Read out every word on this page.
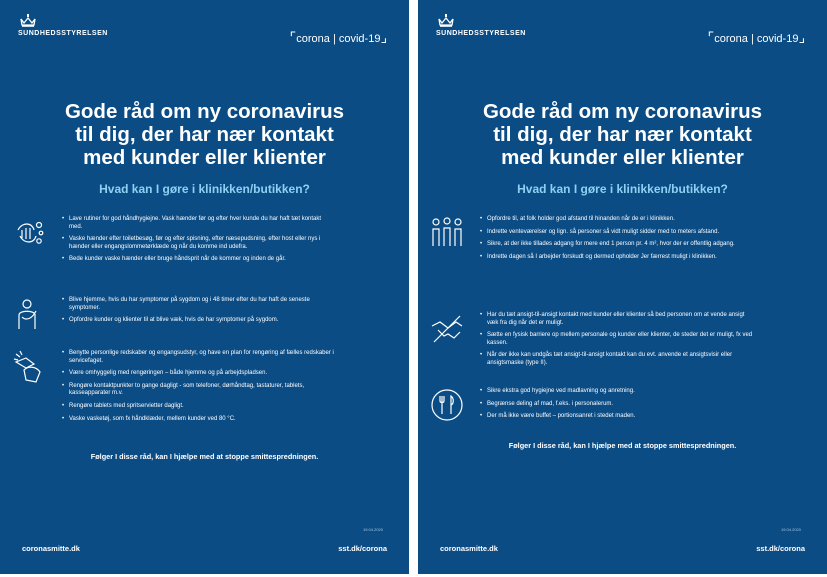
SUNDHEDSSTYRELSEN	⌜corona | covid-19⌟
Gode råd om ny coronavirus
til dig, der har nær kontakt
med kunder eller klienter
Hvad kan I gøre i klinikken/butikken?
• Lave rutiner for god håndhygiejne. Vask hænder før og efter hver kunde du har haft tæt kontakt med.
• Vaske hænder efter toiletbesøg, før og efter spisning, efter næsepudsning, efter host eller nys i hænder eller engangslommetørklæde og når du komme ind udefra.
• Bede kunder vaske hænder eller bruge håndsprit når de kommer og inden de går.
• Blive hjemme, hvis du har symptomer på sygdom og i 48 timer efter du har haft de seneste symptomer.
• Opfordre kunder og klienter til at blive væk, hvis de har symptomer på sygdom.
• Benytte personlige redskaber og engangsudstyr, og have en plan for rengøring af fælles redskaber i servicefaget.
• Være omhyggelig med rengøringen – både hjemme og på arbejdspladsen.
• Rengøre kontaktpunkter to gange dagligt - som telefoner, dørhåndtag, tastaturer, tablets, kasseapparater m.v.
• Rengøre tablets med spritservietter dagligt.
• Vaske vasketøj, som fx håndklæder, mellem kunder ved 80 °C.
Følger I disse råd, kan I hjælpe med at stoppe smittespredningen.
19.04.2020
coronasmitte.dk	sst.dk/corona
SUNDHEDSSTYRELSEN	⌜corona | covid-19⌟
Gode råd om ny coronavirus
til dig, der har nær kontakt
med kunder eller klienter
Hvad kan I gøre i klinikken/butikken?
• Opfordre til, at folk holder god afstand til hinanden når de er i klinikken.
• Indrette venteværelser og lign. så personer så vidt muligt sidder med to meters afstand.
• Sikre, at der ikke tillades adgang for mere end 1 person pr. 4 m², hvor der er offentlig adgang.
• Indrette dagen så I arbejder forskudt og dermed opholder Jer færrest muligt i klinikken.
• Har du tæt ansigt-til-ansigt kontakt med kunder eller klienter så bed personen om at vende ansigt væk fra dig når det er muligt.
• Sætte en fysisk barriere op mellem personale og kunder eller klienter, de steder det er muligt, fx ved kassen.
• Når der ikke kan undgås tæt ansigt-til-ansigt kontakt kan du evt. anvende et ansigtsvisir eller ansigtsmaske (type II).
• Sikre ekstra god hygiejne ved madlavning og anretning.
• Begrænse deling af mad, f.eks. i personalerum.
• Der må ikke være buffet – portionsanret i stedet maden.
Følger I disse råd, kan I hjælpe med at stoppe smittespredningen.
19.04.2020
coronasmitte.dk	sst.dk/corona
